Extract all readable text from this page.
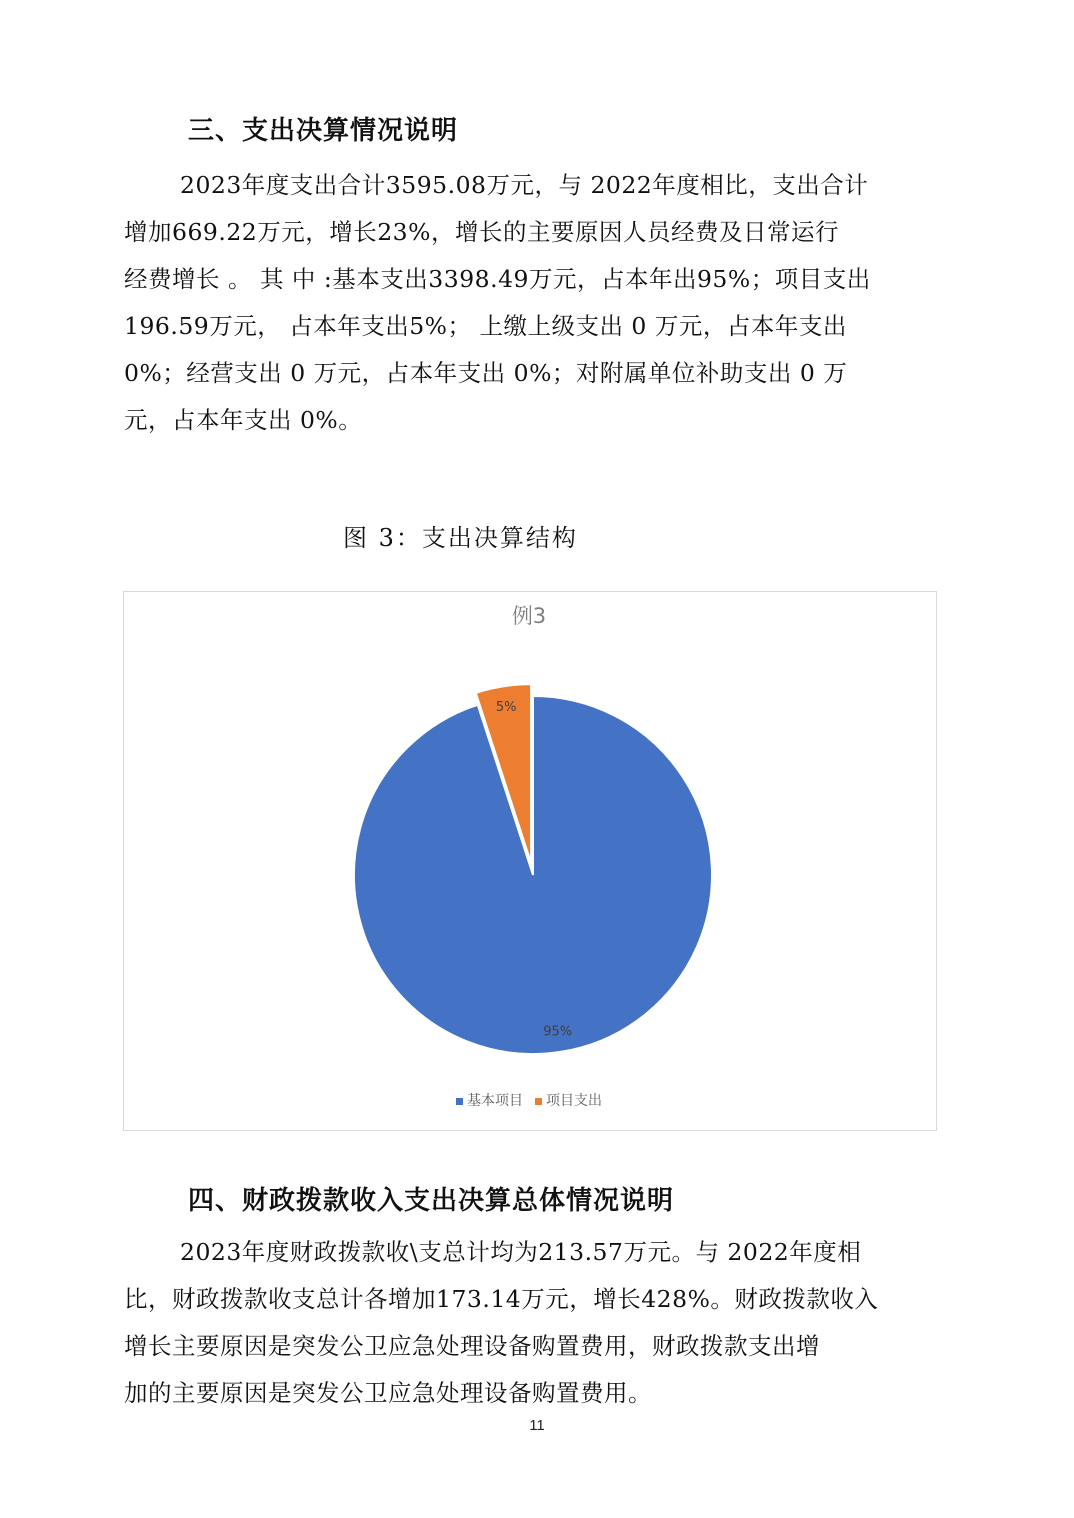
三、支出决算情况说明
2023年度支出合计3595.08万元，与 2022年度相比，支出合计
增加669.22万元，增长23%，增长的主要原因人员经费及日常运行
经费增长 。 其 中 :基本支出3398.49万元，占本年出95%；项目支出
196.59万元， 占本年支出5%； 上缴上级支出 0 万元，占本年支出
0%；经营支出 0 万元，占本年支出 0%；对附属单位补助支出 0 万
元，占本年支出 0%。

图 3：支出决算结构

95%
5%

例3

基本项目 项目支出
四、财政拨款收入支出决算总体情况说明
2023年度财政拨款收\支总计均为213.57万元。与 2022年度相
比，财政拨款收支总计各增加173.14万元，增长428%。财政拨款收入
增长主要原因是突发公卫应急处理设备购置费用，财政拨款支出增
加的主要原因是突发公卫应急处理设备购置费用。
11
